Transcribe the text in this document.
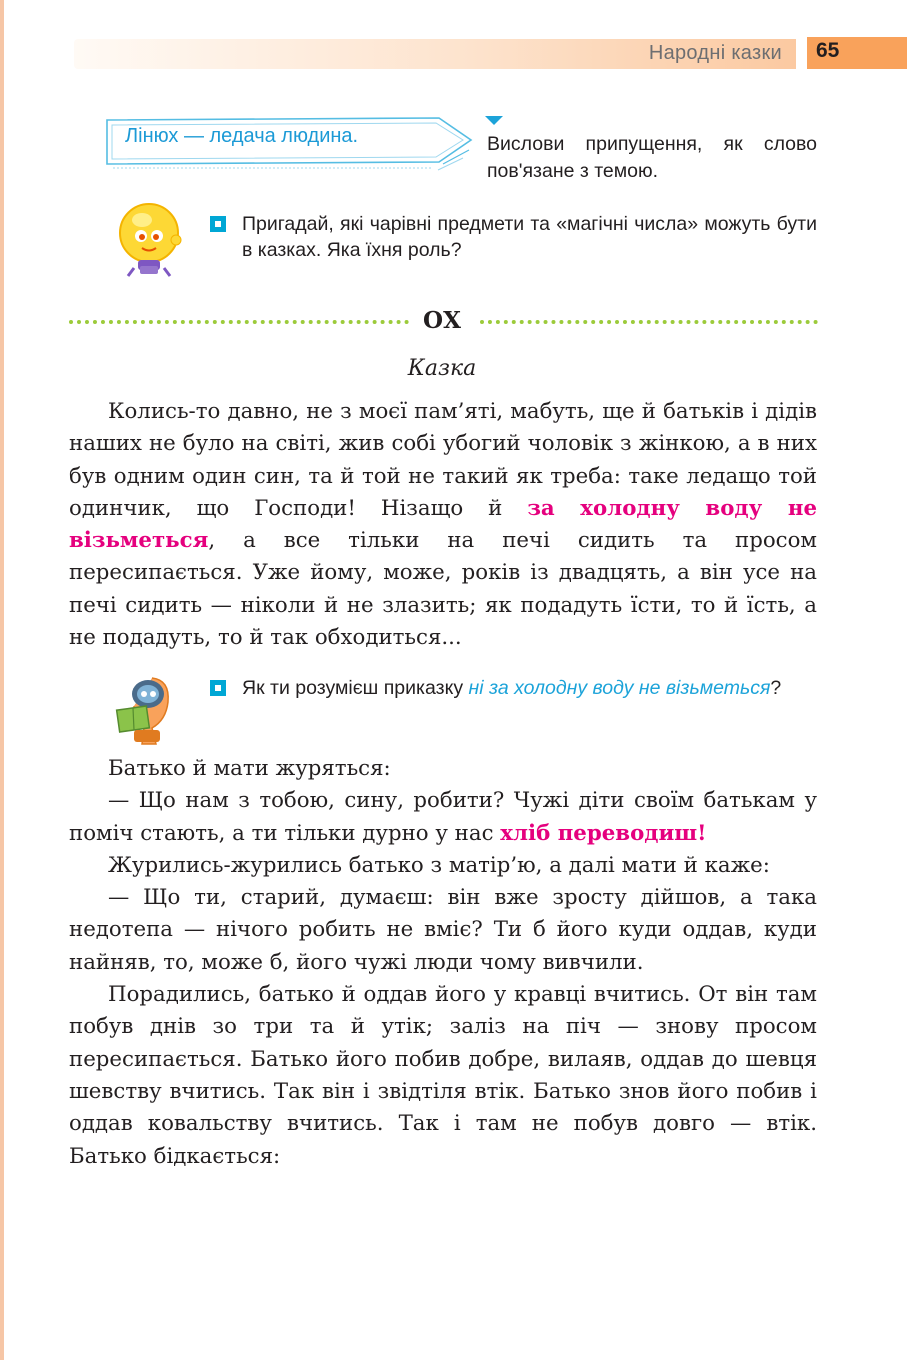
Народні казки 65
Лінюх — ледача людина.	Вислови припущення, як слово пов'язане з темою.
Пригадай, які чарівні предмети та «магічні числа» можуть бути в казках. Яка їхня роль?
ОХ
Казка

Колись-то давно, не з моєї пам’яті, мабуть, ще й батьків і дідів наших не було на світі, жив собі убогий чоловік з жінкою, а в них був одним один син, та й той не такий як треба: таке ледащо той одинчик, що Господи! Нізащо й за холодну воду не візьметься, а все тільки на печі сидить та просом пересипається. Уже йому, може, років із двадцять, а він усе на печі сидить — ніколи й не злазить; як подадуть їсти, то й їсть, а не подадуть, то й так обходиться...

Як ти розумієш приказку ні за холодну воду не візьметься?

Батько й мати журяться:

— Що нам з тобою, сину, робити? Чужі діти своїм батькам у поміч стають, а ти тільки дурно у нас хліб переводиш!

Журились-журились батько з матір’ю, а далі мати й каже:

— Що ти, старий, думаєш: він вже зросту дійшов, а така недотепа — нічого робить не вміє? Ти б його куди оддав, куди найняв, то, може б, його чужі люди чому вивчили.

Порадились, батько й оддав його у кравці вчитись. От він там побув днів зо три та й утік; заліз на піч — знову просом пересипається. Батько його побив добре, вилаяв, оддав до шевця шевству вчитись. Так він і звідтіля втік. Батько знов його побив і оддав ковальству вчитись. Так і там не побув довго — втік. Батько бідкається:
